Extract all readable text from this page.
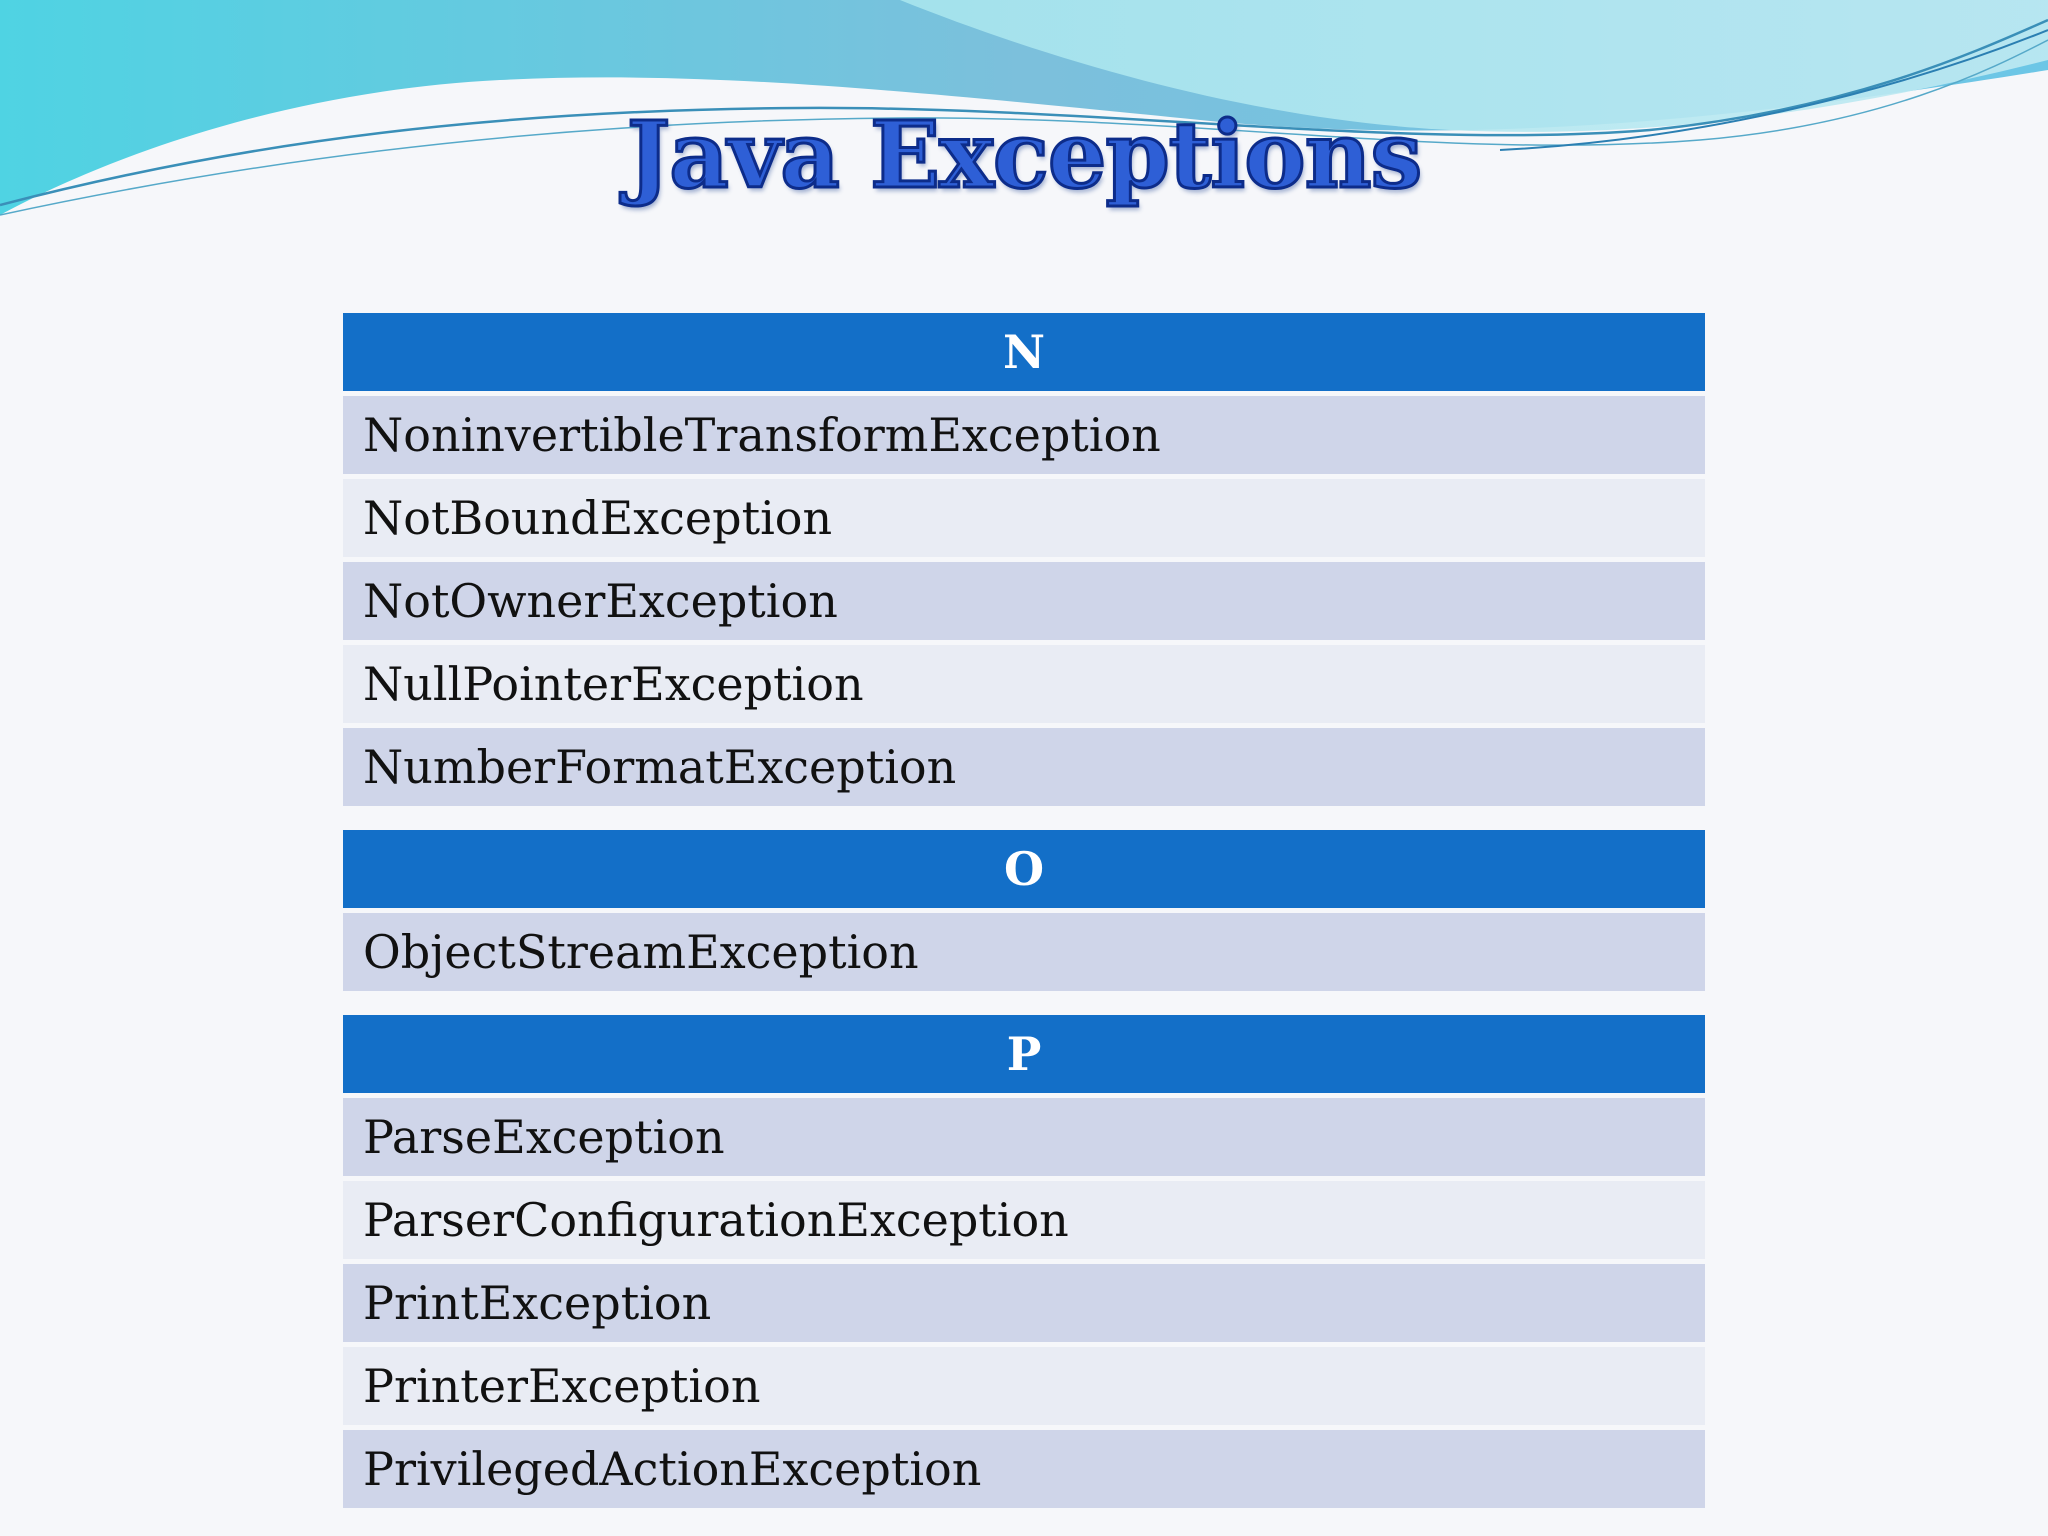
Java Exceptions
N
NoninvertibleTransformException
NotBoundException
NotOwnerException
NullPointerException
NumberFormatException
O
ObjectStreamException
P
ParseException
ParserConfigurationException
PrintException
PrinterException
PrivilegedActionException
